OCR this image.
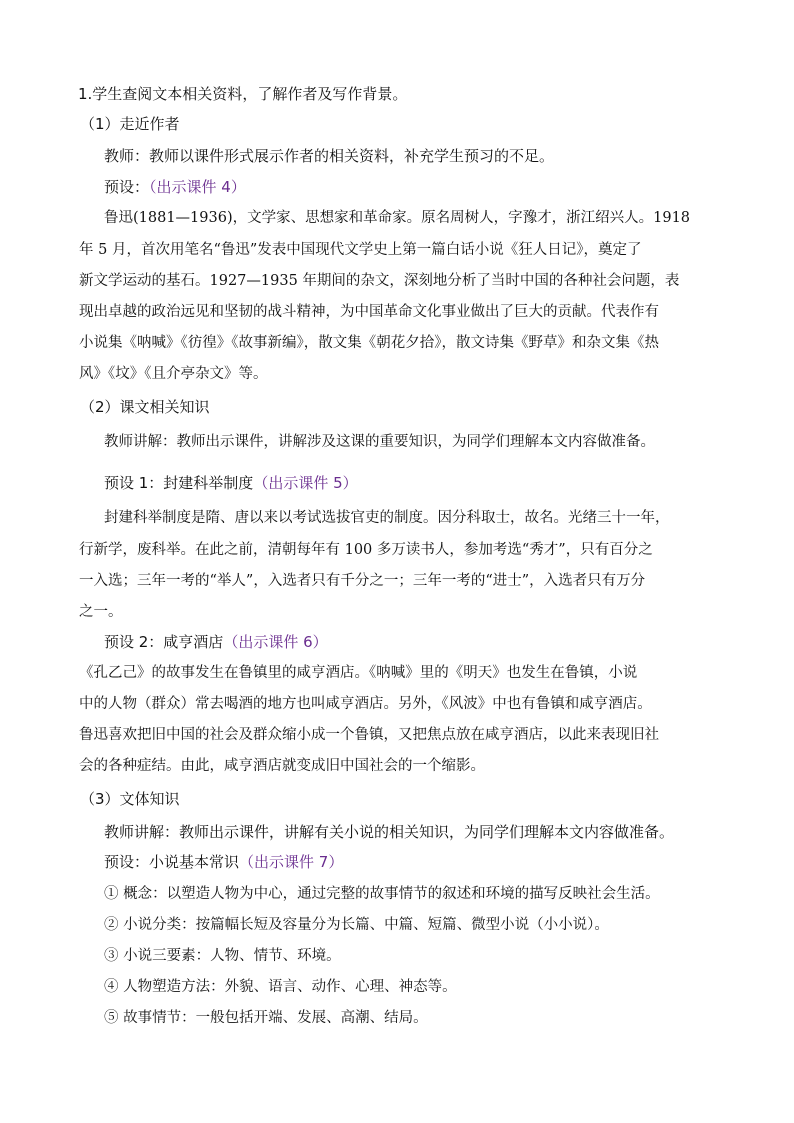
1.学生查阅文本相关资料，了解作者及写作背景。
（1）走近作者
教师：教师以课件形式展示作者的相关资料，补充学生预习的不足。
预设：（出示课件 4）
鲁迅(1881—1936)，文学家、思想家和革命家。原名周树人，字豫才，浙江绍兴人。1918
年 5 月，首次用笔名“鲁迅”发表中国现代文学史上第一篇白话小说《狂人日记》，奠定了
新文学运动的基石。1927—1935 年期间的杂文，深刻地分析了当时中国的各种社会问题，表
现出卓越的政治远见和坚韧的战斗精神，为中国革命文化事业做出了巨大的贡献。代表作有
小说集《呐喊》《彷徨》《故事新编》，散文集《朝花夕拾》，散文诗集《野草》和杂文集《热
风》《坟》《且介亭杂文》等。
（2）课文相关知识
教师讲解：教师出示课件，讲解涉及这课的重要知识，为同学们理解本文内容做准备。
预设 1：封建科举制度（出示课件 5）
封建科举制度是隋、唐以来以考试选拔官吏的制度。因分科取士，故名。光绪三十一年，
行新学，废科举。在此之前，清朝每年有 100 多万读书人，参加考选“秀才”，只有百分之
一入选；三年一考的“举人”，入选者只有千分之一；三年一考的“进士”，入选者只有万分
之一。
预设 2：咸亨酒店（出示课件 6）
《孔乙己》的故事发生在鲁镇里的咸亨酒店。《呐喊》里的《明天》也发生在鲁镇，小说
中的人物（群众）常去喝酒的地方也叫咸亨酒店。另外，《风波》中也有鲁镇和咸亨酒店。
鲁迅喜欢把旧中国的社会及群众缩小成一个鲁镇，又把焦点放在咸亨酒店，以此来表现旧社
会的各种症结。由此，咸亨酒店就变成旧中国社会的一个缩影。
（3）文体知识
教师讲解：教师出示课件，讲解有关小说的相关知识，为同学们理解本文内容做准备。
预设：小说基本常识（出示课件 7）
① 概念：以塑造人物为中心，通过完整的故事情节的叙述和环境的描写反映社会生活。
② 小说分类：按篇幅长短及容量分为长篇、中篇、短篇、微型小说（小小说）。
③ 小说三要素：人物、情节、环境。
④ 人物塑造方法：外貌、语言、动作、心理、神态等。
⑤ 故事情节：一般包括开端、发展、高潮、结局。
